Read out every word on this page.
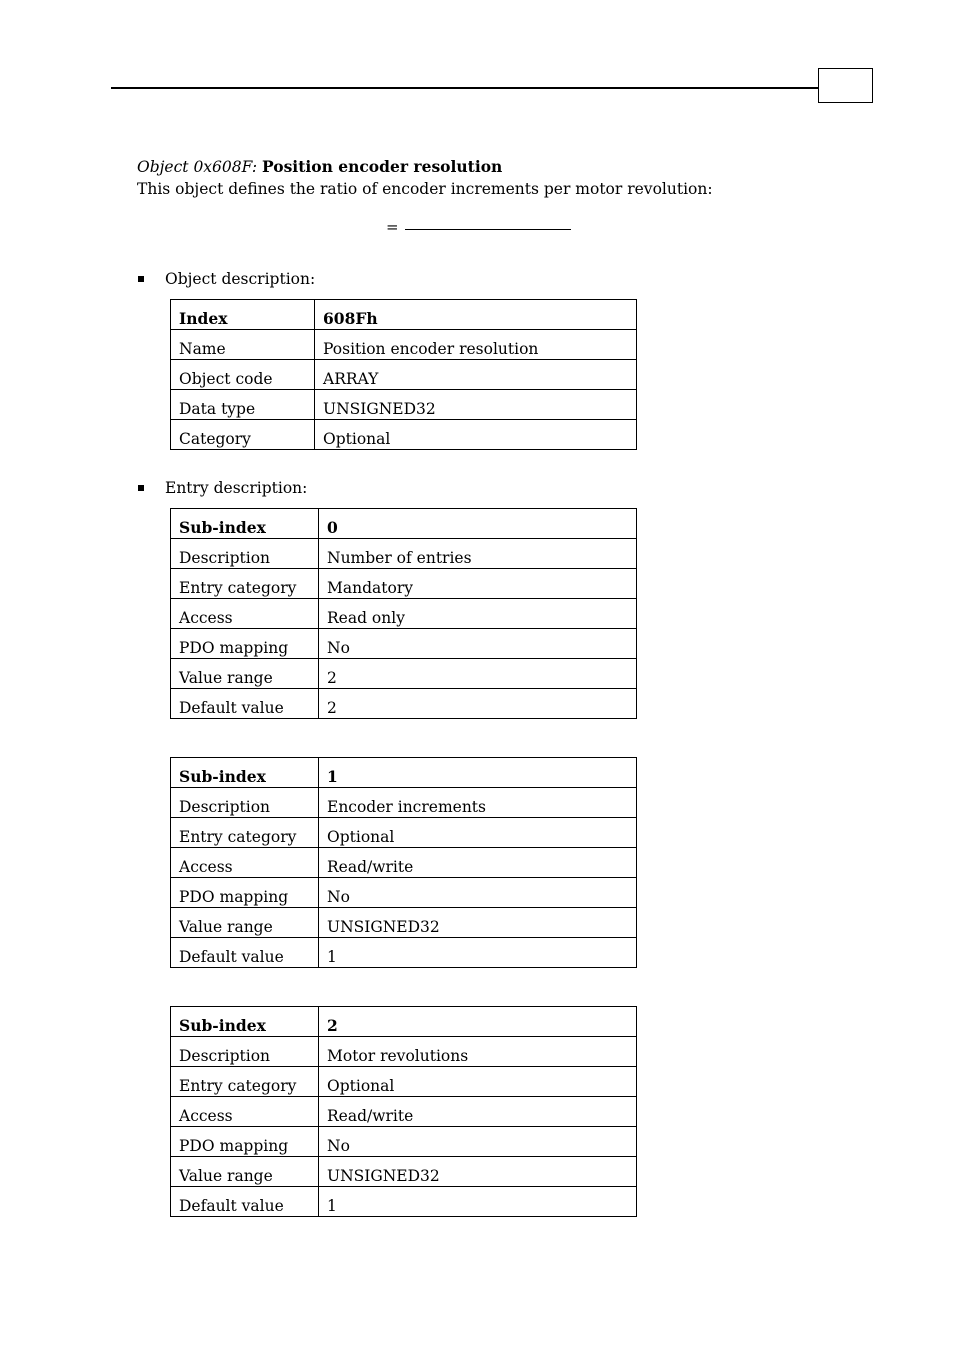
Object 0x608F: Position encoder resolution
This object defines the ratio of encoder increments per motor revolution:
=
Object description:
Index	608Fh
Name	Position encoder resolution
Object code	ARRAY
Data type	UNSIGNED32
Category	Optional
Entry description:
Sub-index	0
Description	Number of entries
Entry category	Mandatory
Access	Read only
PDO mapping	No
Value range	2
Default value	2
Sub-index	1
Description	Encoder increments
Entry category	Optional
Access	Read/write
PDO mapping	No
Value range	UNSIGNED32
Default value	1
Sub-index	2
Description	Motor revolutions
Entry category	Optional
Access	Read/write
PDO mapping	No
Value range	UNSIGNED32
Default value	1
